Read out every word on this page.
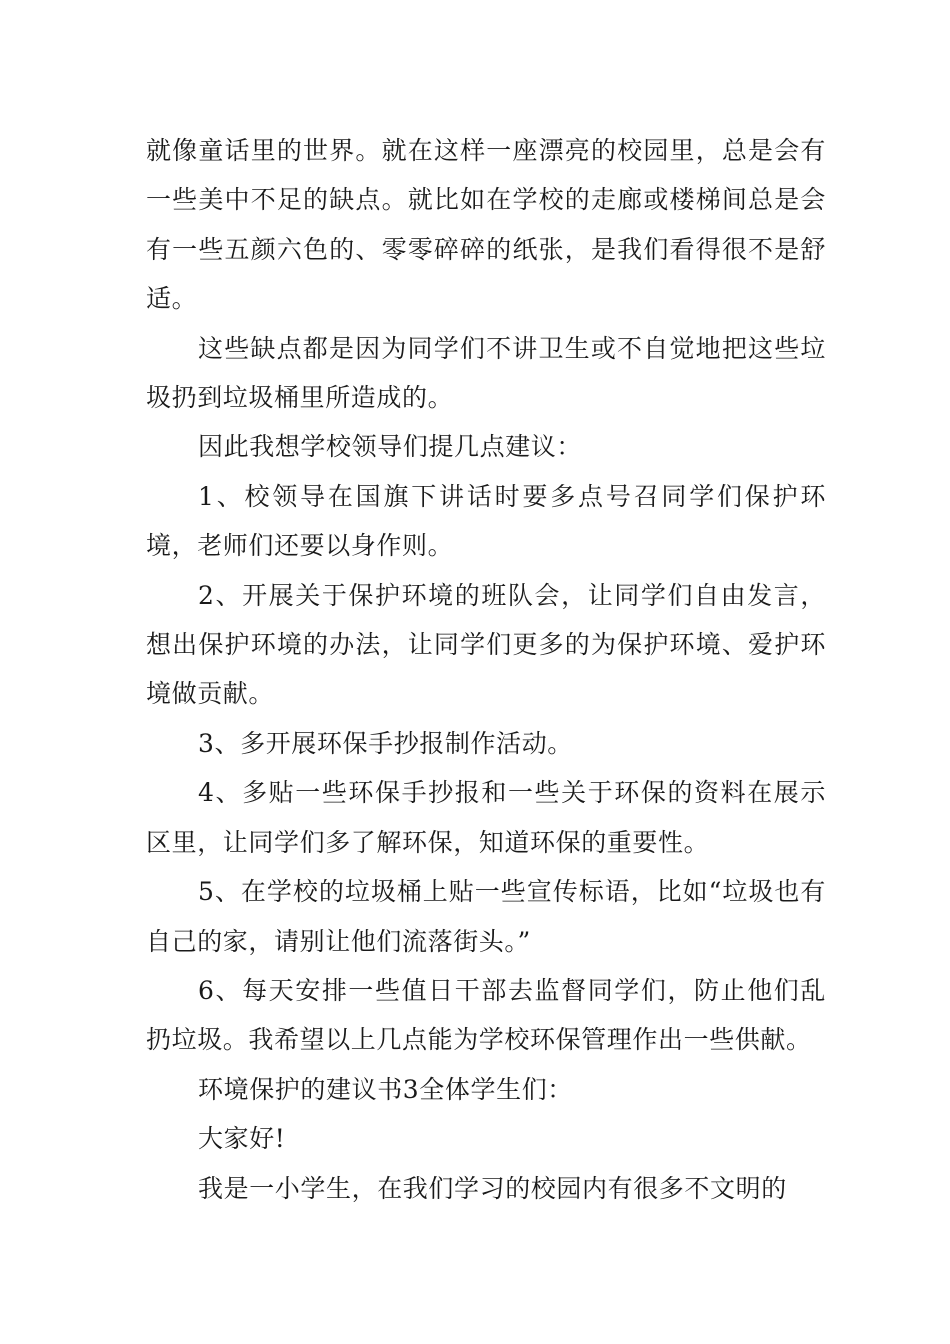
就像童话里的世界。就在这样一座漂亮的校园里，总是会有一些美中不足的缺点。就比如在学校的走廊或楼梯间总是会有一些五颜六色的、零零碎碎的纸张，是我们看得很不是舒适。

这些缺点都是因为同学们不讲卫生或不自觉地把这些垃圾扔到垃圾桶里所造成的。

因此我想学校领导们提几点建议：

1、校领导在国旗下讲话时要多点号召同学们保护环境，老师们还要以身作则。

2、开展关于保护环境的班队会，让同学们自由发言，想出保护环境的办法，让同学们更多的为保护环境、爱护环境做贡献。

3、多开展环保手抄报制作活动。

4、多贴一些环保手抄报和一些关于环保的资料在展示区里，让同学们多了解环保，知道环保的重要性。

5、在学校的垃圾桶上贴一些宣传标语，比如“垃圾也有自己的家，请别让他们流落街头。”

6、每天安排一些值日干部去监督同学们，防止他们乱扔垃圾。我希望以上几点能为学校环保管理作出一些供献。

环境保护的建议书3全体学生们：

大家好!

我是一小学生，在我们学习的校园内有很多不文明的
